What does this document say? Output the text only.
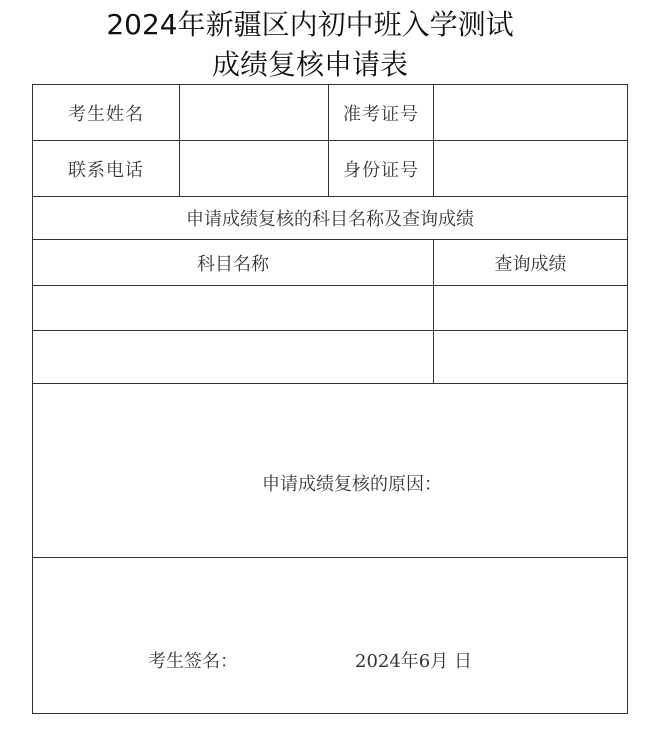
2024年新疆区内初中班入学测试
成绩复核申请表
考生姓名		准考证号	
联系电话		身份证号	
申请成绩复核的科目名称及查询成绩			
科目名称			查询成绩

申请成绩复核的原因：			

考生签名： 2024年6月 日			
